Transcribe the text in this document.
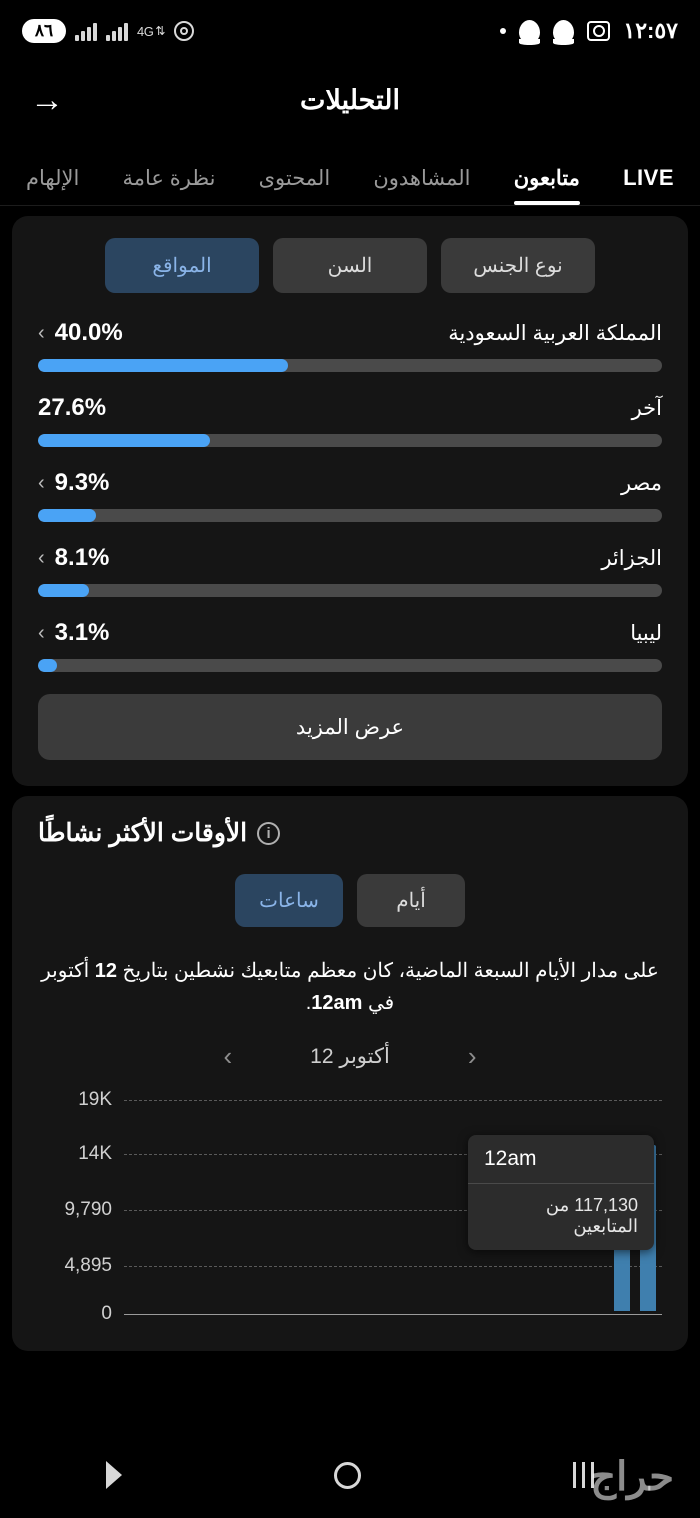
٨٦	4G ⇅	١٢:٥٧
التحليلات
→
LIVE
متابعون
المشاهدون
المحتوى
نظرة عامة
الإلهام
نوع الجنس
السن
المواقع
المملكة العربية السعودية
‹ 40.0%
آخر
27.6%
مصر
‹ 9.3%
الجزائر
‹ 8.1%
ليبيا
‹ 3.1%
عرض المزيد
الأوقات الأكثر نشاطًا	i
أيام
ساعات
على مدار الأيام السبعة الماضية، كان معظم متابعيك نشطين بتاريخ 12 أكتوبر في 12am.
‹	12 أكتوبر	›
19K
14K
9,790
4,895
0
12am
117,130 من المتابعين
حراج
